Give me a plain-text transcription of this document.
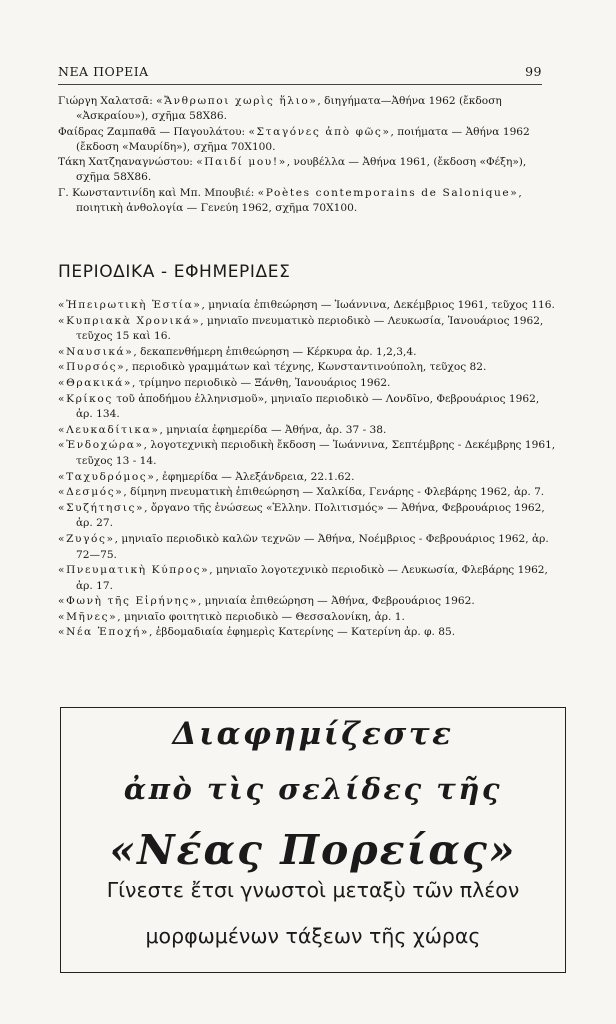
ΝΕΑ ΠΟΡΕΙΑ	99

Γιώργη Χαλατσᾶ: «Ἄνθρωποι χωρὶς ἥλιο», διηγήματα—Ἀθήνα 1962 (ἔκδοση «Ἀσκραίου»), σχῆμα 58Χ86.

Φαίδρας Ζαμπαθᾶ — Παγουλάτου: «Σταγόνες ἀπὸ φῶς», ποιήματα — Ἀθήνα 1962 (ἔκδοση «Μαυρίδη»), σχῆμα 70Χ100.

Τάκη Χατζηαναγνώστου: «Παιδί μου!», νουβέλλα — Ἀθήνα 1961, (ἔκδοση «Φέξη»), σχῆμα 58Χ86.

Γ. Κωνσταντινίδη καὶ Μπ. Μπουβιέ: «Poètes contemporains de Salonique», ποιητικὴ ἀνθολογία — Γενεύη 1962, σχῆμα 70Χ100.

ΠΕΡΙΟΔΙΚΑ - ΕΦΗΜΕΡΙΔΕΣ

«Ἠπειρωτικὴ Ἑστία», μηνιαία ἐπιθεώρηση — Ἰωάννινα, Δεκέμβριος 1961, τεῦχος 116.

«Κυπριακὰ Χρονικά», μηνιαῖο πνευματικὸ περιοδικὸ — Λευκωσία, Ἰανουάριος 1962, τεῦχος 15 καὶ 16.

«Ναυσικά», δεκαπενθήμερη ἐπιθεώρηση — Κέρκυρα ἀρ. 1,2,3,4.

«Πυρσός», περιοδικὸ γραμμάτων καὶ τέχνης, Κωνσταντινούπολη, τεῦχος 82.

«Θρακικά», τρίμηνο περιοδικὸ — Ξάνθη, Ἰανουάριος 1962.

«Κρίκος τοῦ ἀποδήμου ἑλληνισμοῦ», μηνιαῖο περιοδικὸ — Λονδῖνο, Φεβρουάριος 1962, ἀρ. 134.

«Λευκαδίτικα», μηνιαία ἐφημερίδα — Ἀθήνα, ἀρ. 37 - 38.

«Ἐνδοχώρα», λογοτεχνικὴ περιοδικὴ ἔκδοση — Ἰωάννινα, Σεπτέμβρης - Δεκέμβρης 1961, τεῦχος 13 - 14.

«Ταχυδρόμος», ἐφημερίδα — Ἀλεξάνδρεια, 22.1.62.

«Δεσμός», δίμηνη πνευματικὴ ἐπιθεώρηση — Χαλκίδα, Γενάρης - Φλεβάρης 1962, ἀρ. 7.

«Συζήτησις», ὄργανο τῆς ἑνώσεως «Ἑλλην. Πολιτισμός» — Ἀθήνα, Φεβρουάριος 1962, ἀρ. 27.

«Ζυγός», μηνιαῖο περιοδικὸ καλῶν τεχνῶν — Ἀθήνα, Νοέμβριος - Φεβρουάριος 1962, ἀρ. 72—75.

«Πνευματικὴ Κύπρος», μηνιαῖο λογοτεχνικὸ περιοδικὸ — Λευκωσία, Φλεβάρης 1962, ἀρ. 17.

«Φωνὴ τῆς Εἰρήνης», μηνιαία ἐπιθεώρηση — Ἀθήνα, Φεβρουάριος 1962.

«Μῆνες», μηνιαῖο φοιτητικὸ περιοδικὸ — Θεσσαλονίκη, ἀρ. 1.

«Νέα Ἐποχή», ἑβδομαδιαία ἐφημερὶς Κατερίνης — Κατερίνη ἀρ. φ. 85.

Διαφημίζεστε
ἀπὸ τὶς σελίδες τῆς
«Νέας Πορείας»
Γίνεστε ἔτσι γνωστοὶ μεταξὺ τῶν πλέον
μορφωμένων τάξεων τῆς χώρας
